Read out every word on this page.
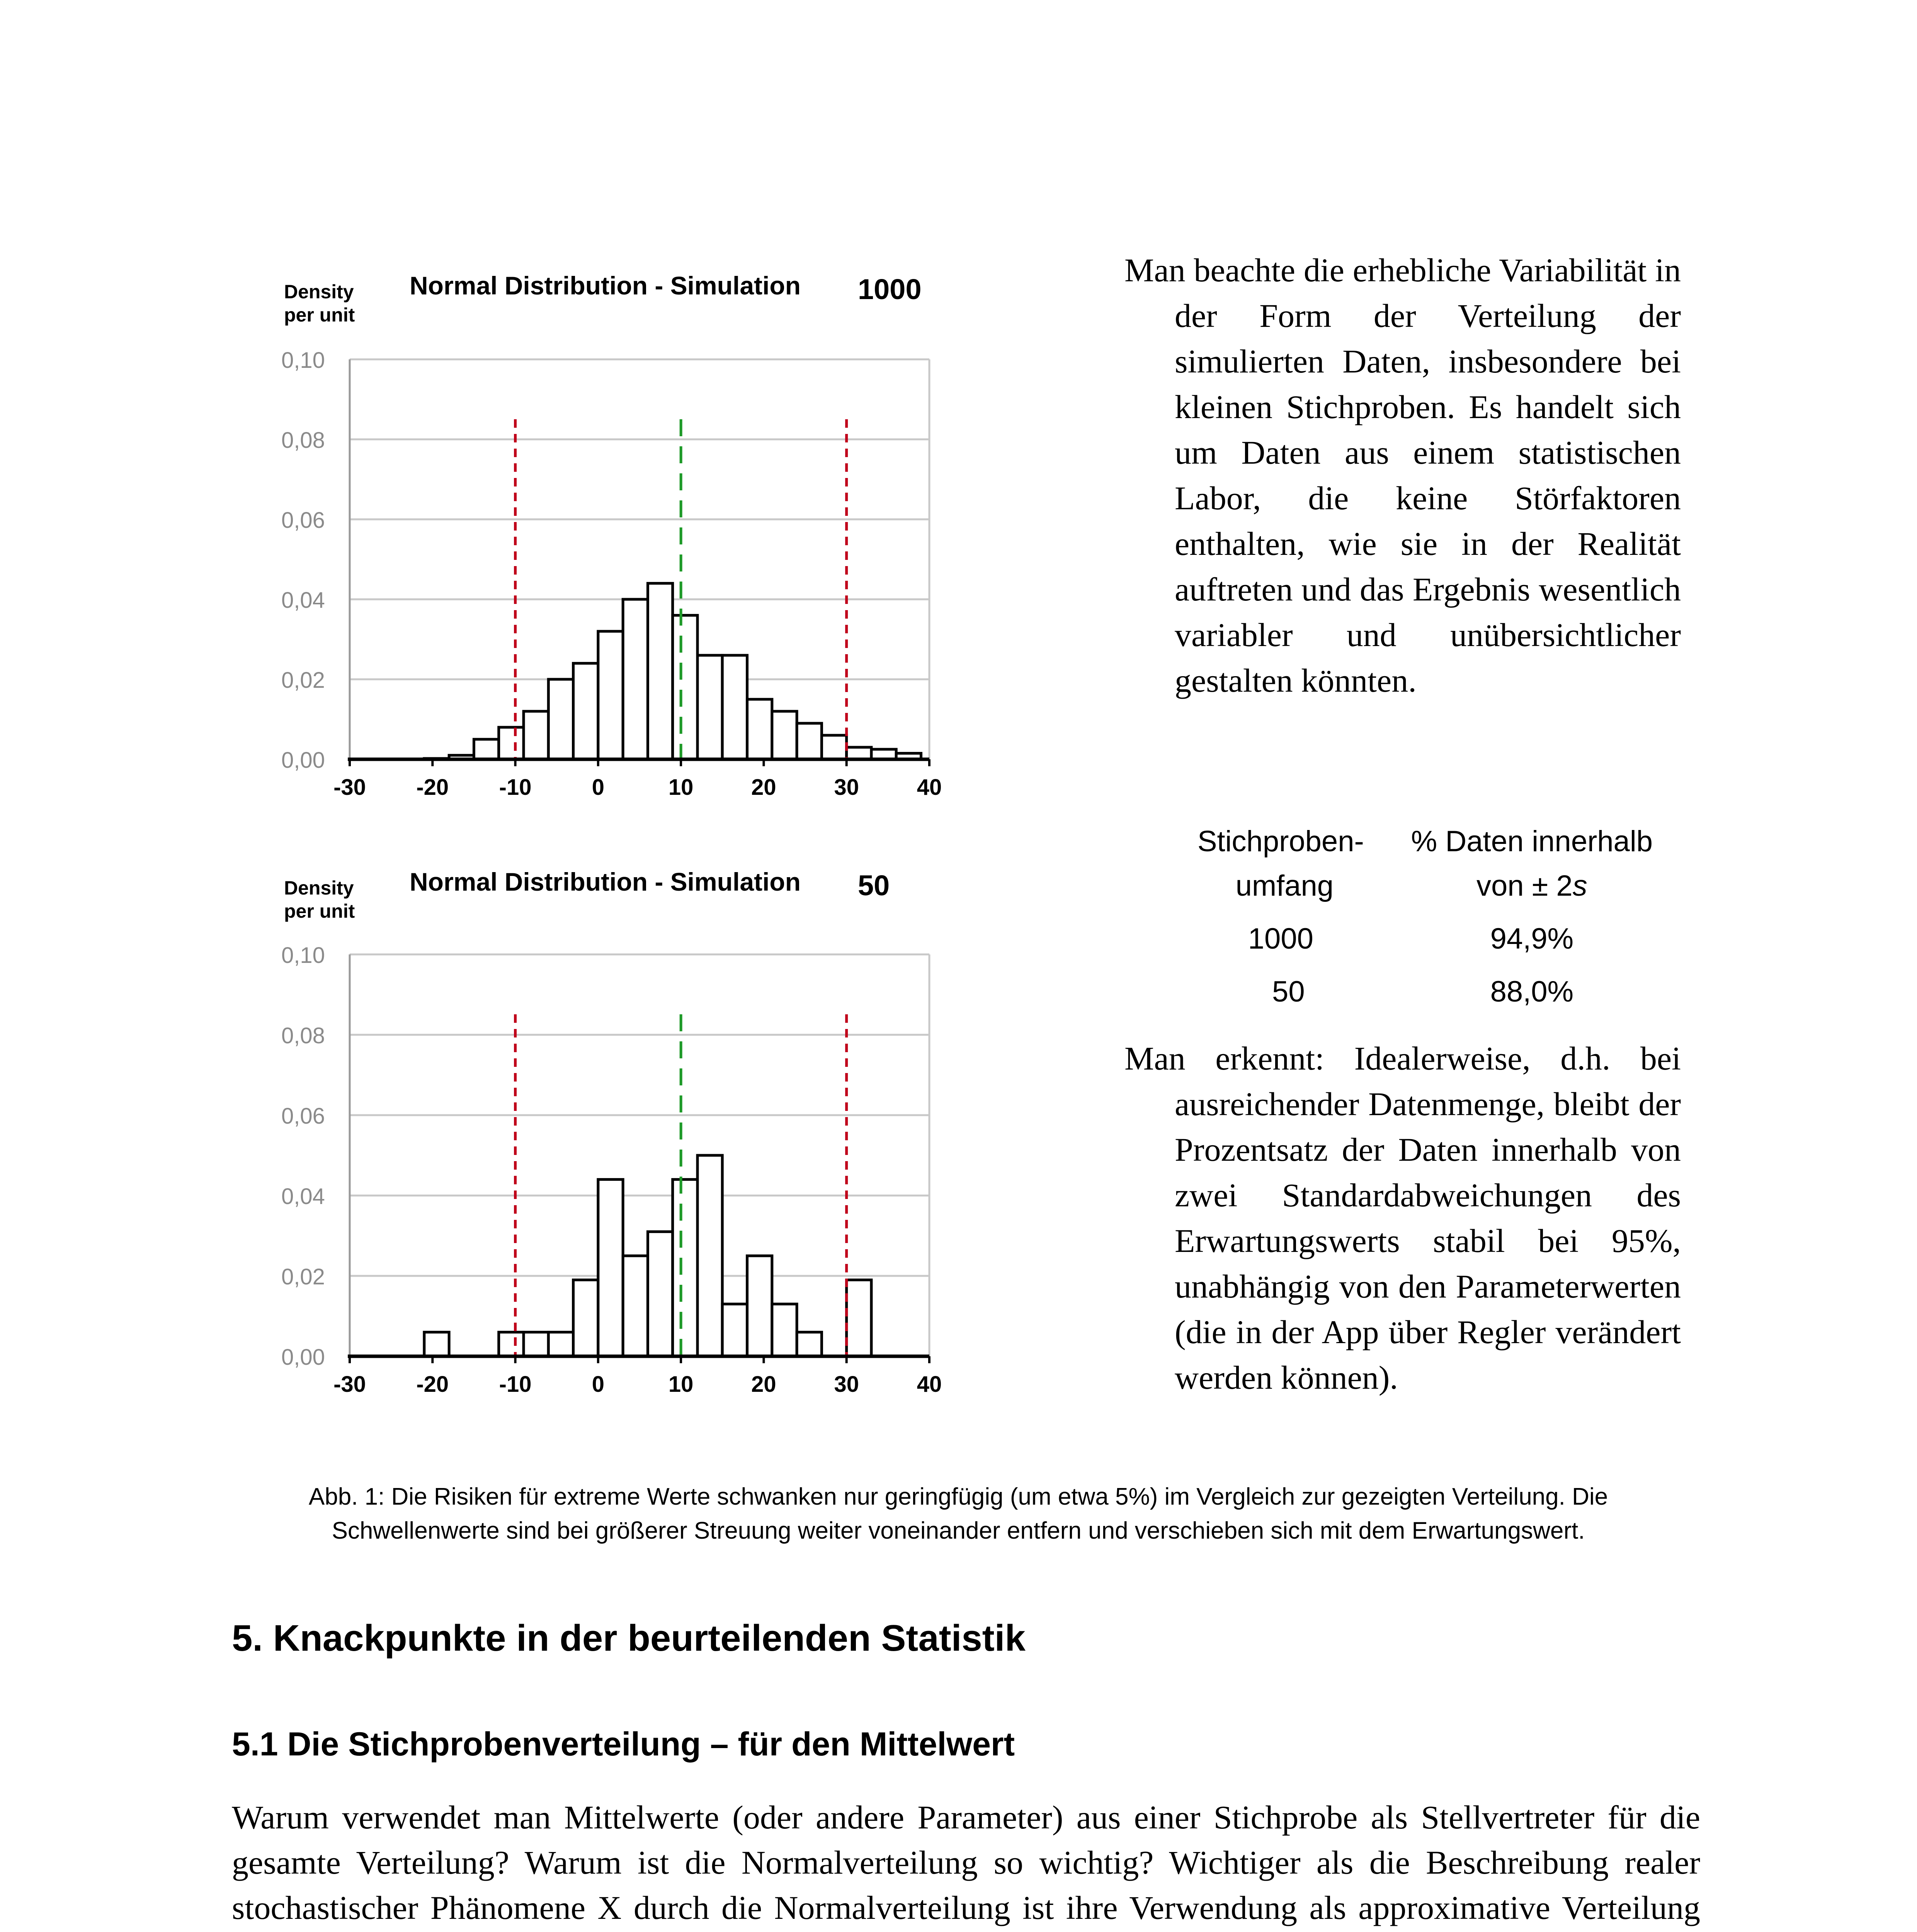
0,00
0,02
0,04
0,06
0,08
0,10
-30 -20 -10	0	10	20	30	40
Density
per unit
Normal Distribution - Simulation 1000
0,00
0,02
0,04
0,06
0,08
0,10
-30 -20 -10	0	10	20	30	40
Density
per unit
Normal Distribution - Simulation 50

Man beachte die erhebliche Variabilität in der Form der Verteilung der simulierten Daten, insbesondere bei kleinen Stichproben. Es handelt sich um Daten aus einem statistischen Labor, die keine Störfaktoren enthalten, wie sie in der Realität auftreten und das Ergebnis wesentlich variabler und unübersichtlicher gestalten könnten.

Stichproben-
umfang	% Daten innerhalb
von ± 2s
1000	94,9%
50	88,0%

Man erkennt: Idealerweise, d.h. bei ausreichender Datenmenge, bleibt der Prozentsatz der Daten innerhalb von zwei Standardabweichungen des Erwartungswerts stabil bei 95%, unabhängig von den Parameterwerten (die in der App über Regler verändert werden können).

Abb. 1: Die Risiken für extreme Werte schwanken nur geringfügig (um etwa 5%) im Vergleich zur gezeigten Verteilung. Die
Schwellenwerte sind bei größerer Streuung weiter voneinander entfern und verschieben sich mit dem Erwartungswert.
5. Knackpunkte in der beurteilenden Statistik
5.1 Die Stichprobenverteilung – für den Mittelwert

Warum verwendet man Mittelwerte (oder andere Parameter) aus einer Stichprobe als Stellvertreter für die gesamte Verteilung? Warum ist die Normalverteilung so wichtig? Wichtiger als die Beschreibung realer stochastischer Phänomene X durch die Normalverteilung ist ihre Verwendung als approximative Verteilung
